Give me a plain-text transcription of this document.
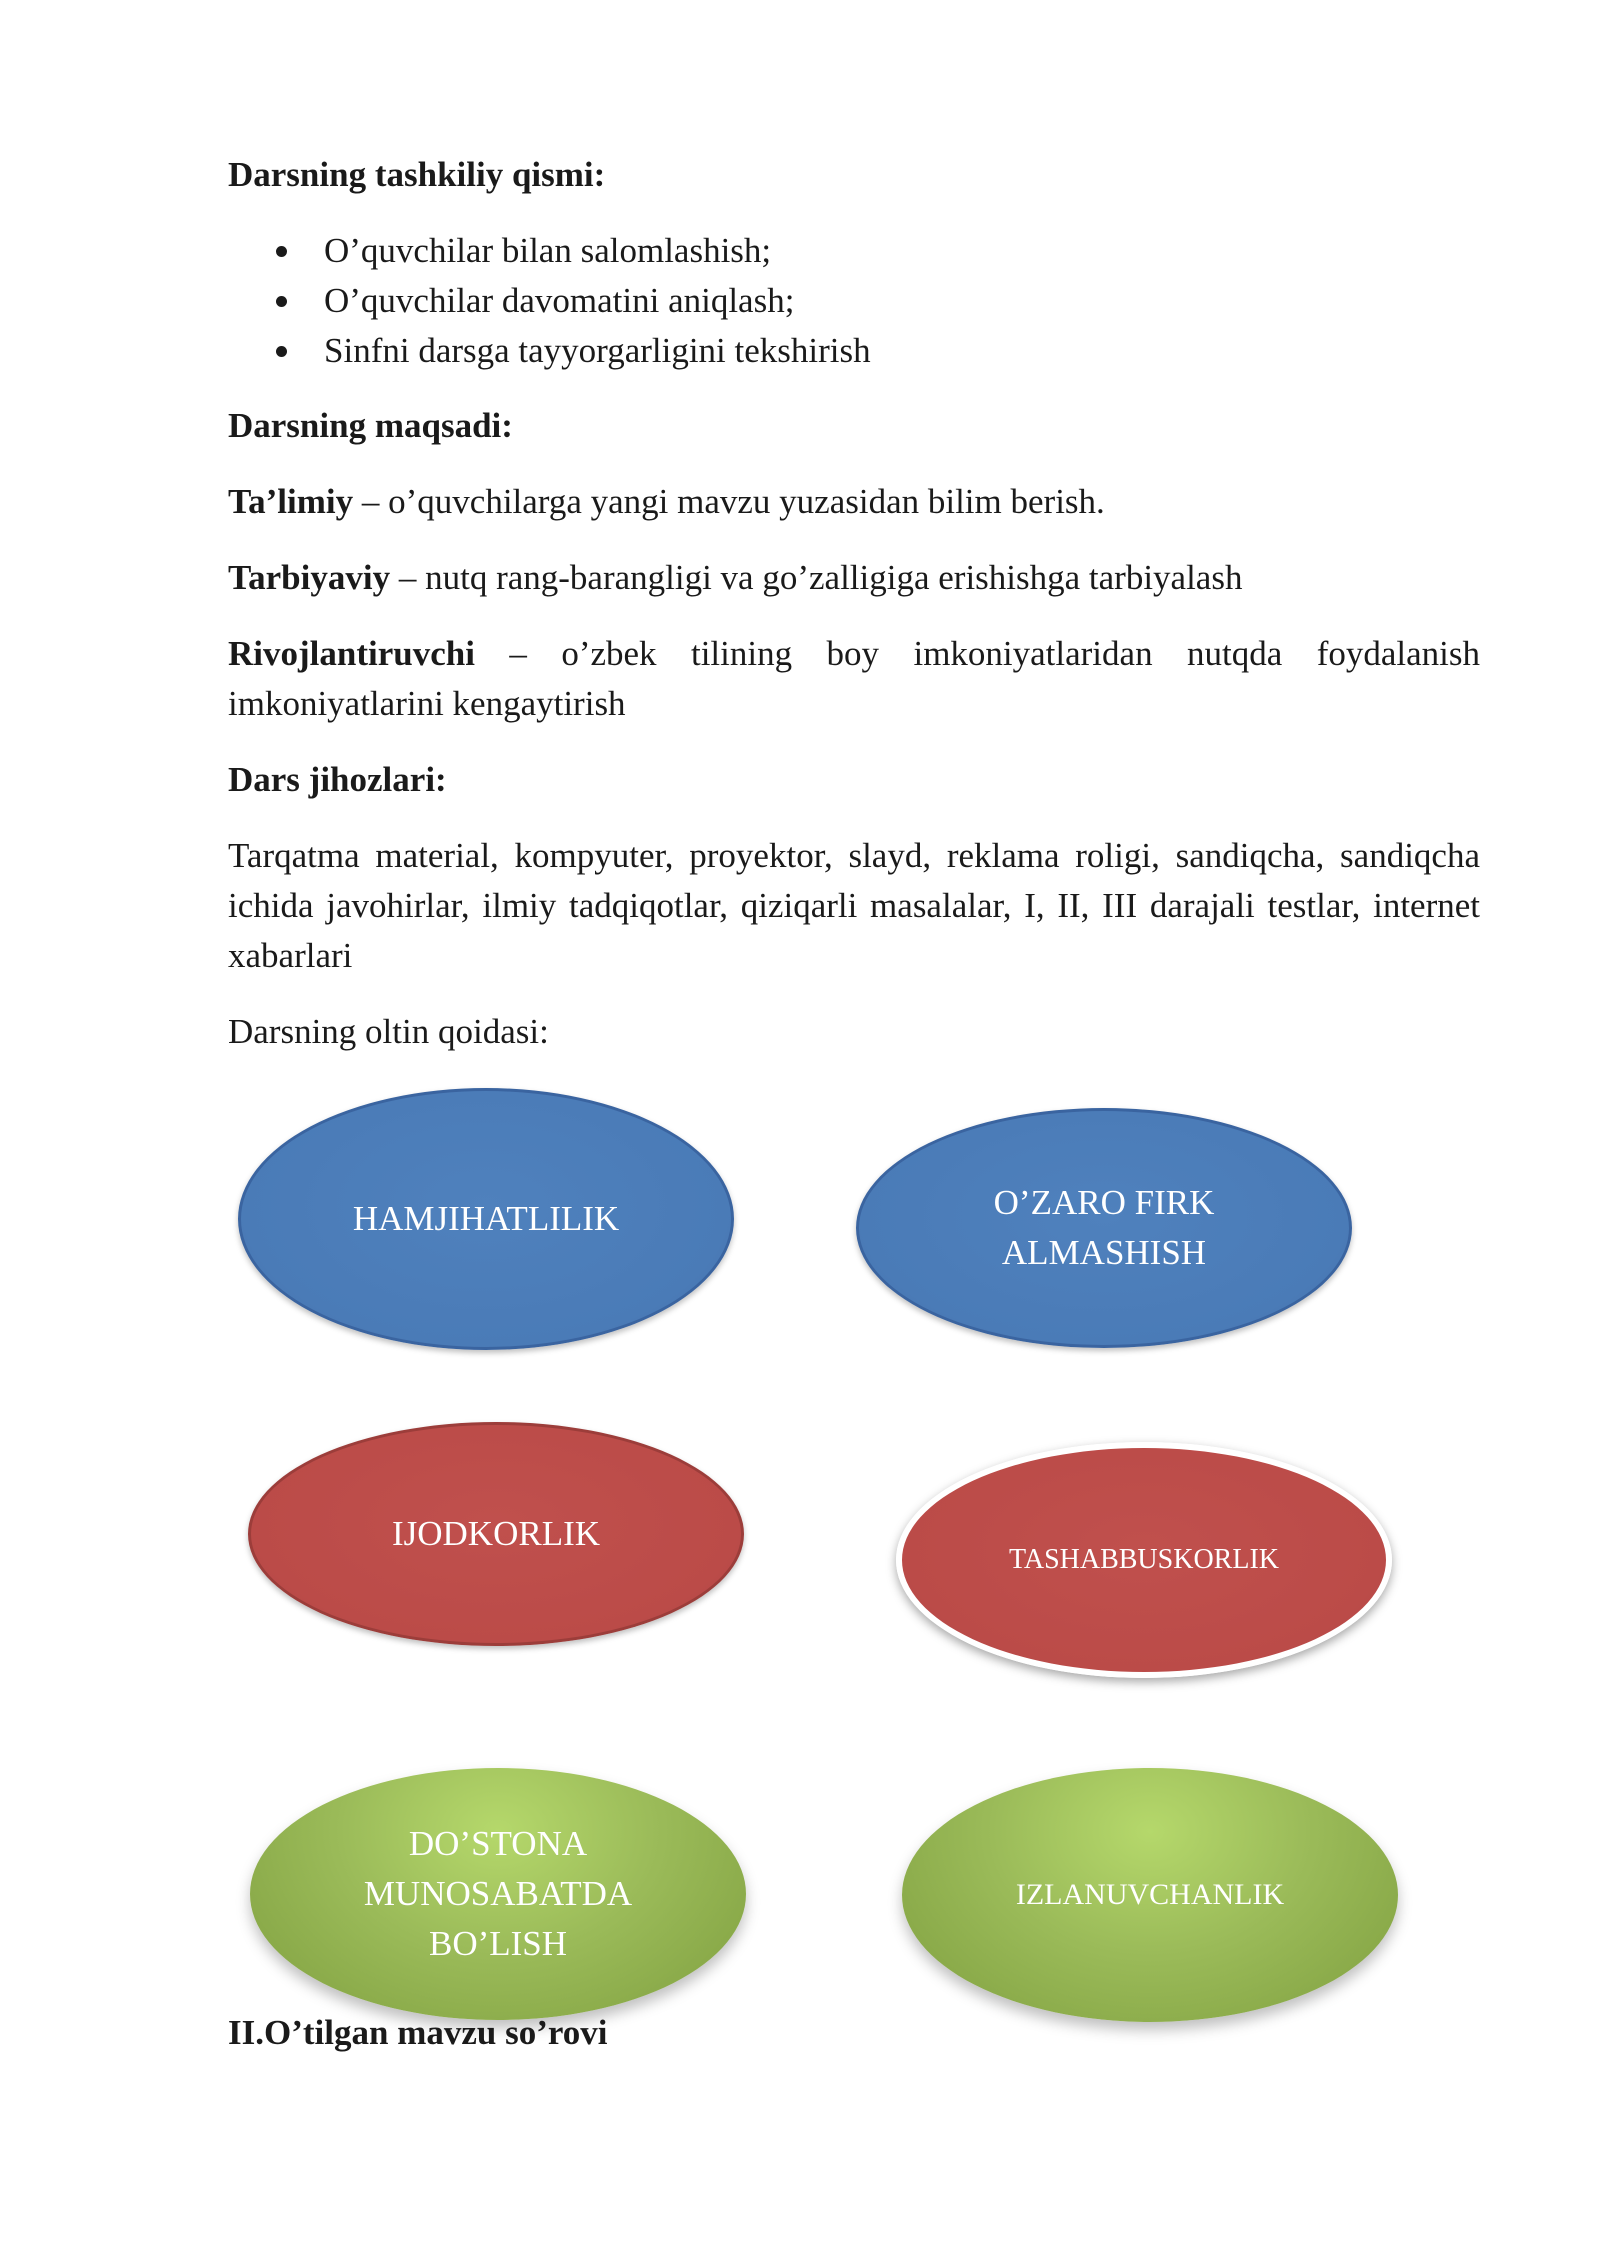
Darsning tashkiliy qismi:

O’quvchilar bilan salomlashish;
O’quvchilar davomatini aniqlash;
Sinfni darsga tayyorgarligini tekshirish

Darsning maqsadi:

Ta’limiy – o’quvchilarga yangi mavzu yuzasidan bilim berish.

Tarbiyaviy – nutq rang-barangligi va go’zalligiga erishishga tarbiyalash

Rivojlantiruvchi – o’zbek tilining boy imkoniyatlaridan nutqda foydalanish imkoniyatlarini kengaytirish

Dars jihozlari:

Tarqatma material, kompyuter, proyektor, slayd, reklama roligi, sandiqcha, sandiqcha ichida javohirlar, ilmiy tadqiqotlar, qiziqarli masalalar, I, II, III darajali testlar, internet xabarlari

Darsning oltin qoidasi:

HAMJIHATLILIK	O’ZARO FIRK
ALMASHISH
IJODKORLIK
TASHABBUSKORLIK
DO’STONA
MUNOSABATDA
BO’LISH
IZLANUVCHANLIK

II.O’tilgan mavzu so’rovi
